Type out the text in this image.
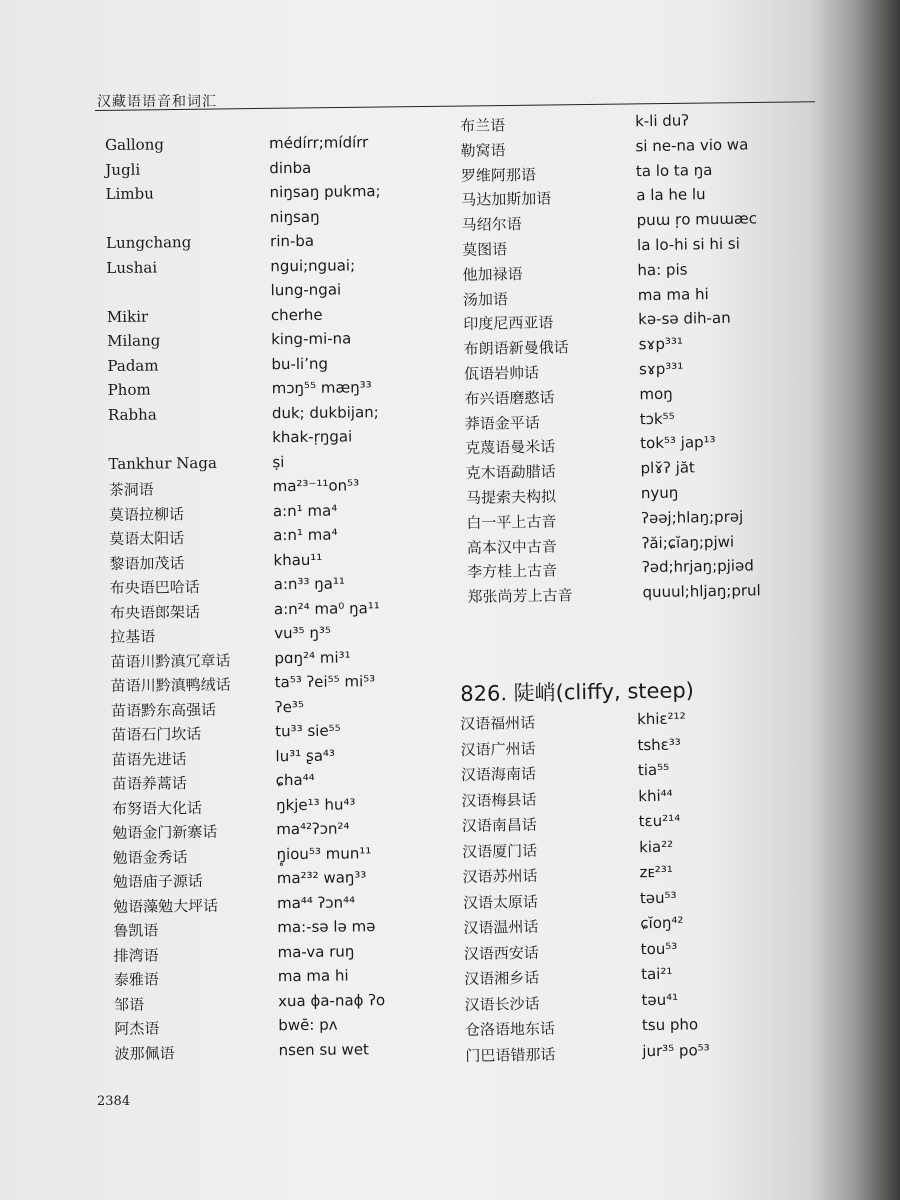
汉藏语语音和词汇
Gallong	médírr;mídírr
Jugli	dinba
Limbu	niŋsaŋ pukma;
niŋsaŋ
Lungchang	rin-ba
Lushai	ngui;nguai;
lung-ngai
Mikir	cherhe
Milang	king-mi-na
Padam	bu-li’ng
Phom	mɔŋ⁵⁵ mæŋ³³
Rabha	duk; dukbijan;
khak-ṛŋgai
Tankhur Naga	ṣi
茶洞语	ma²³⁻¹¹on⁵³
莫语拉柳话	a:n¹ ma⁴
莫语太阳话	a:n¹ ma⁴
黎语加茂话	khau¹¹
布央语巴哈话	a:n³³ ŋa¹¹
布央语郎架话	a:n²⁴ ma⁰ ŋa¹¹
拉基语	vu³⁵ ŋ³⁵
苗语川黔滇冗章话	pɑŋ²⁴ mi³¹
苗语川黔滇鸭绒话	ta⁵³ ʔei⁵⁵ mi⁵³
苗语黔东高强话	ʔe³⁵
苗语石门坎话	tu³³ sie⁵⁵
苗语先进话	lu³¹ ʂa⁴³
苗语养蒿话	ɕha⁴⁴
布努语大化话	ŋkje¹³ hu⁴³
勉语金门新寨话	ma⁴²ʔɔn²⁴
勉语金秀话	ŋ̥iou⁵³ mun¹¹
勉语庙子源话	ma²³² waŋ³³
勉语藻勉大坪话	ma⁴⁴ ʔɔn⁴⁴
鲁凯语	ma:-sə lə mə
排湾语	ma-va ruŋ
泰雅语	ma ma hi
邹语	xua ɸa-naɸ ʔo
阿杰语	bwē: pʌ
波那佩语	nsen su wet
布兰语	k-li duʔ
勒窝语	si ne-na vio wa
罗维阿那语	ta lo ta ŋa
马达加斯加语	a la he lu
马绍尔语	puɯ ŗo muɯæc
莫图语	la lo-hi si hi si
他加禄语	ha: pis
汤加语	ma ma hi
印度尼西亚语	kə-sə dih-an
布朗语新曼俄话	sɤp³³¹
佤语岩帅话	sɤp³³¹
布兴语磨憨话	moŋ
莽语金平话	tɔk⁵⁵
克蔑语曼米话	tok⁵³ jap¹³
克木语勐腊话	plɤ̆ʔ jăt
马提索夫构拟	nyuŋ
白一平上古音	ʔəəj;hlaŋ;prəj
高本汉中古音	ʔăi;ɕĭaŋ;pjwi
李方桂上古音	ʔəd;hrjaŋ;pjiəd
郑张尚芳上古音	quuul;hljaŋ;prul
826. 陡峭(cliffy, steep)
汉语福州话	khiɛ²¹²
汉语广州话	tshɛ³³
汉语海南话	tia⁵⁵
汉语梅县话	khi⁴⁴
汉语南昌话	tɛu²¹⁴
汉语厦门话	kia²²
汉语苏州话	zᴇ²³¹
汉语太原话	təu⁵³
汉语温州话	ɕĭoŋ⁴²
汉语西安话	tou⁵³
汉语湘乡话	tai²¹
汉语长沙话	təu⁴¹
仓洛语地东话	tsu pho
门巴语错那话	jur³⁵ po⁵³
2384
